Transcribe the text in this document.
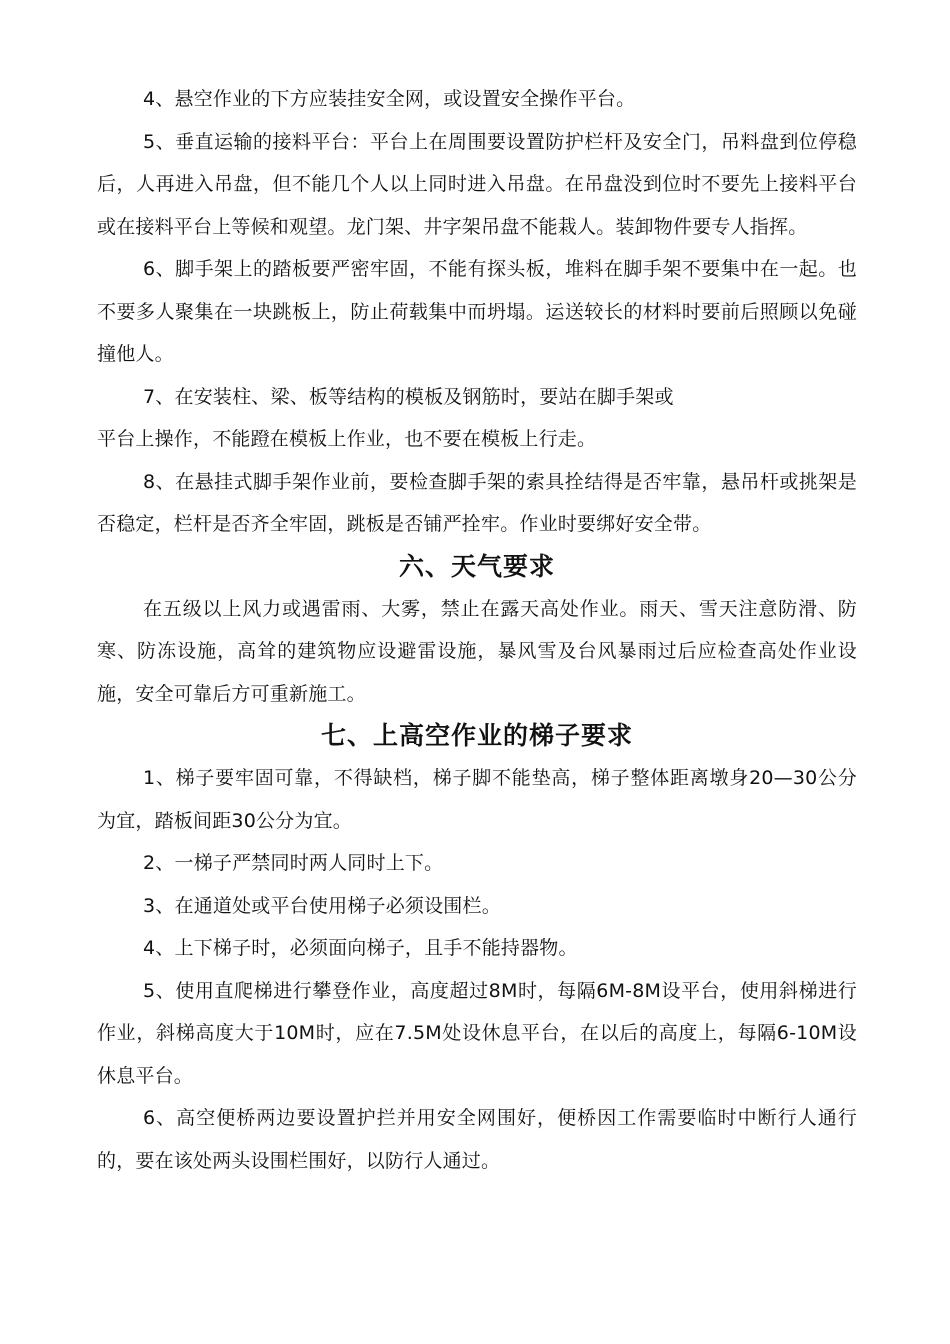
4、悬空作业的下方应装挂安全网，或设置安全操作平台。

5、垂直运输的接料平台：平台上在周围要设置防护栏杆及安全门，吊料盘到位停稳后，人再进入吊盘，但不能几个人以上同时进入吊盘。在吊盘没到位时不要先上接料平台或在接料平台上等候和观望。龙门架、井字架吊盘不能栽人。装卸物件要专人指挥。

6、脚手架上的踏板要严密牢固，不能有探头板，堆料在脚手架不要集中在一起。也不要多人聚集在一块跳板上，防止荷载集中而坍塌。运送较长的材料时要前后照顾以免碰撞他人。

7、在安装柱、梁、板等结构的模板及钢筋时，要站在脚手架或

平台上操作，不能蹬在模板上作业，也不要在模板上行走。

8、在悬挂式脚手架作业前，要检查脚手架的索具拴结得是否牢靠，悬吊杆或挑架是否稳定，栏杆是否齐全牢固，跳板是否铺严拴牢。作业时要绑好安全带。

六、天气要求

在五级以上风力或遇雷雨、大雾，禁止在露天高处作业。雨天、雪天注意防滑、防寒、防冻设施，高耸的建筑物应设避雷设施，暴风雪及台风暴雨过后应检查高处作业设施，安全可靠后方可重新施工。

七、上高空作业的梯子要求

1、梯子要牢固可靠，不得缺档，梯子脚不能垫高，梯子整体距离墩身20—30公分为宜，踏板间距30公分为宜。

2、一梯子严禁同时两人同时上下。

3、在通道处或平台使用梯子必须设围栏。

4、上下梯子时，必须面向梯子，且手不能持器物。

5、使用直爬梯进行攀登作业，高度超过8M时，每隔6M-8M设平台，使用斜梯进行作业，斜梯高度大于10M时，应在7.5M处设休息平台，在以后的高度上，每隔6-10M设休息平台。

6、高空便桥两边要设置护拦并用安全网围好，便桥因工作需要临时中断行人通行的，要在该处两头设围栏围好，以防行人通过。
